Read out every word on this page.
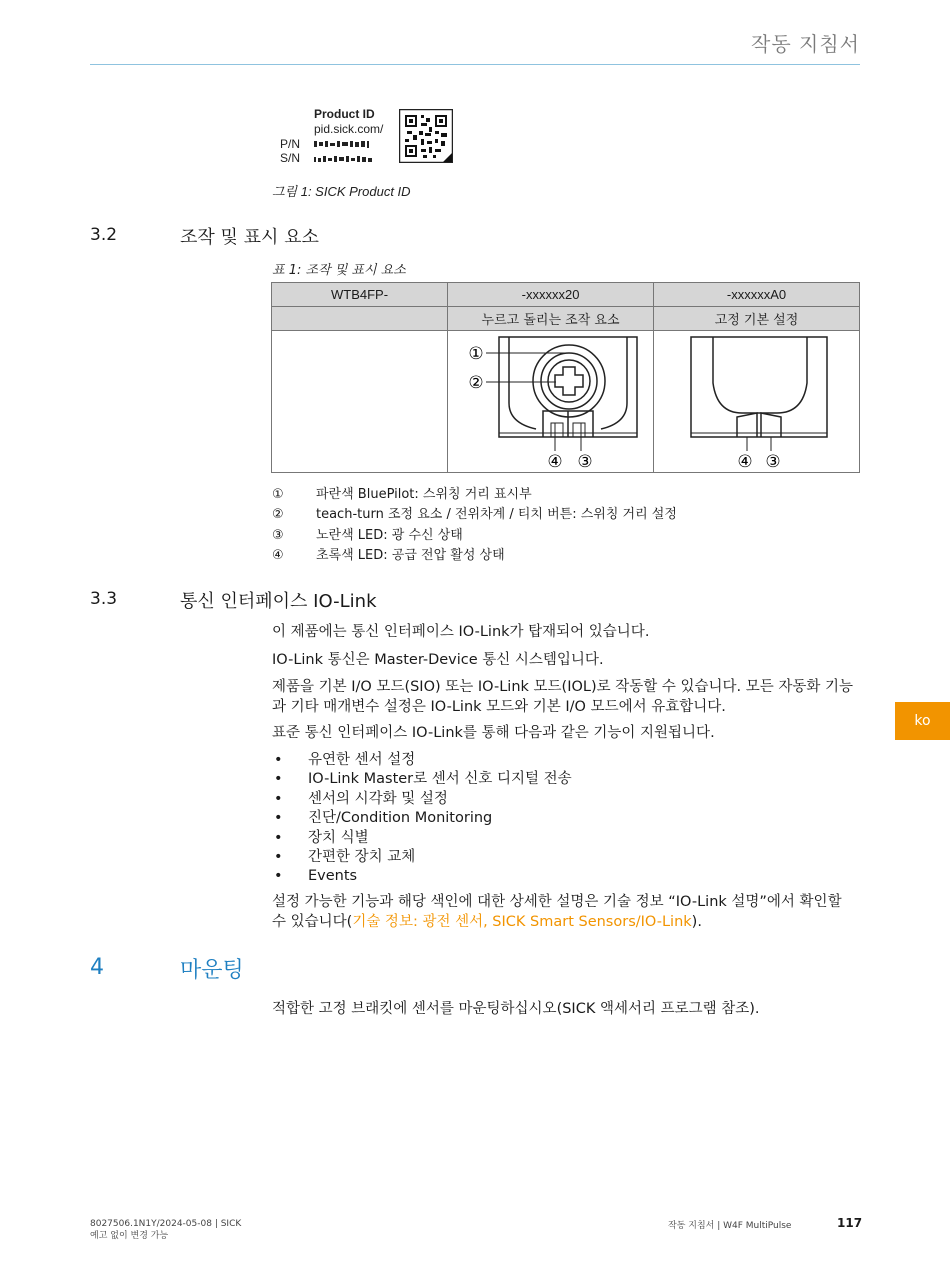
작동 지침서
ko
Product ID
pid.sick.com/
P/N
S/N
그림 1: SICK Product ID
3.2	조작 및 표시 요소
표 1: 조작 및 표시 요소
WTB4FP-	-xxxxxx20	-xxxxxxA0
	누르고 돌리는 조작 요소	고정 기본 설정

①
②
④ ③	④ ③
①	파란색 BluePilot: 스위칭 거리 표시부
②	teach-turn 조정 요소 / 전위차계 / 티치 버튼: 스위칭 거리 설정
③	노란색 LED: 광 수신 상태
④	초록색 LED: 공급 전압 활성 상태
3.3	통신 인터페이스 IO-Link
이 제품에는 통신 인터페이스 IO-Link가 탑재되어 있습니다.
IO-Link 통신은 Master-Device 통신 시스템입니다.
제품을 기본 I/O 모드(SIO) 또는 IO-Link 모드(IOL)로 작동할 수 있습니다. 모든 자동화 기능과 기타 매개변수 설정은 IO-Link 모드와 기본 I/O 모드에서 유효합니다.
표준 통신 인터페이스 IO-Link를 통해 다음과 같은 기능이 지원됩니다.
•	유연한 센서 설정
•	IO-Link Master로 센서 신호 디지털 전송
•	센서의 시각화 및 설정
•	진단/Condition Monitoring
•	장치 식별
•	간편한 장치 교체
•	Events
설정 가능한 기능과 해당 색인에 대한 상세한 설명은 기술 정보 “IO-Link 설명”에서 확인할 수 있습니다(기술 정보: 광전 센서, SICK Smart Sensors/IO-Link).
4	마운팅
적합한 고정 브래킷에 센서를 마운팅하십시오(SICK 액세서리 프로그램 참조).
8027506.1N1Y/2024-05-08 | SICK
예고 없이 변경 가능
작동 지침서 | W4F MultiPulse	117
